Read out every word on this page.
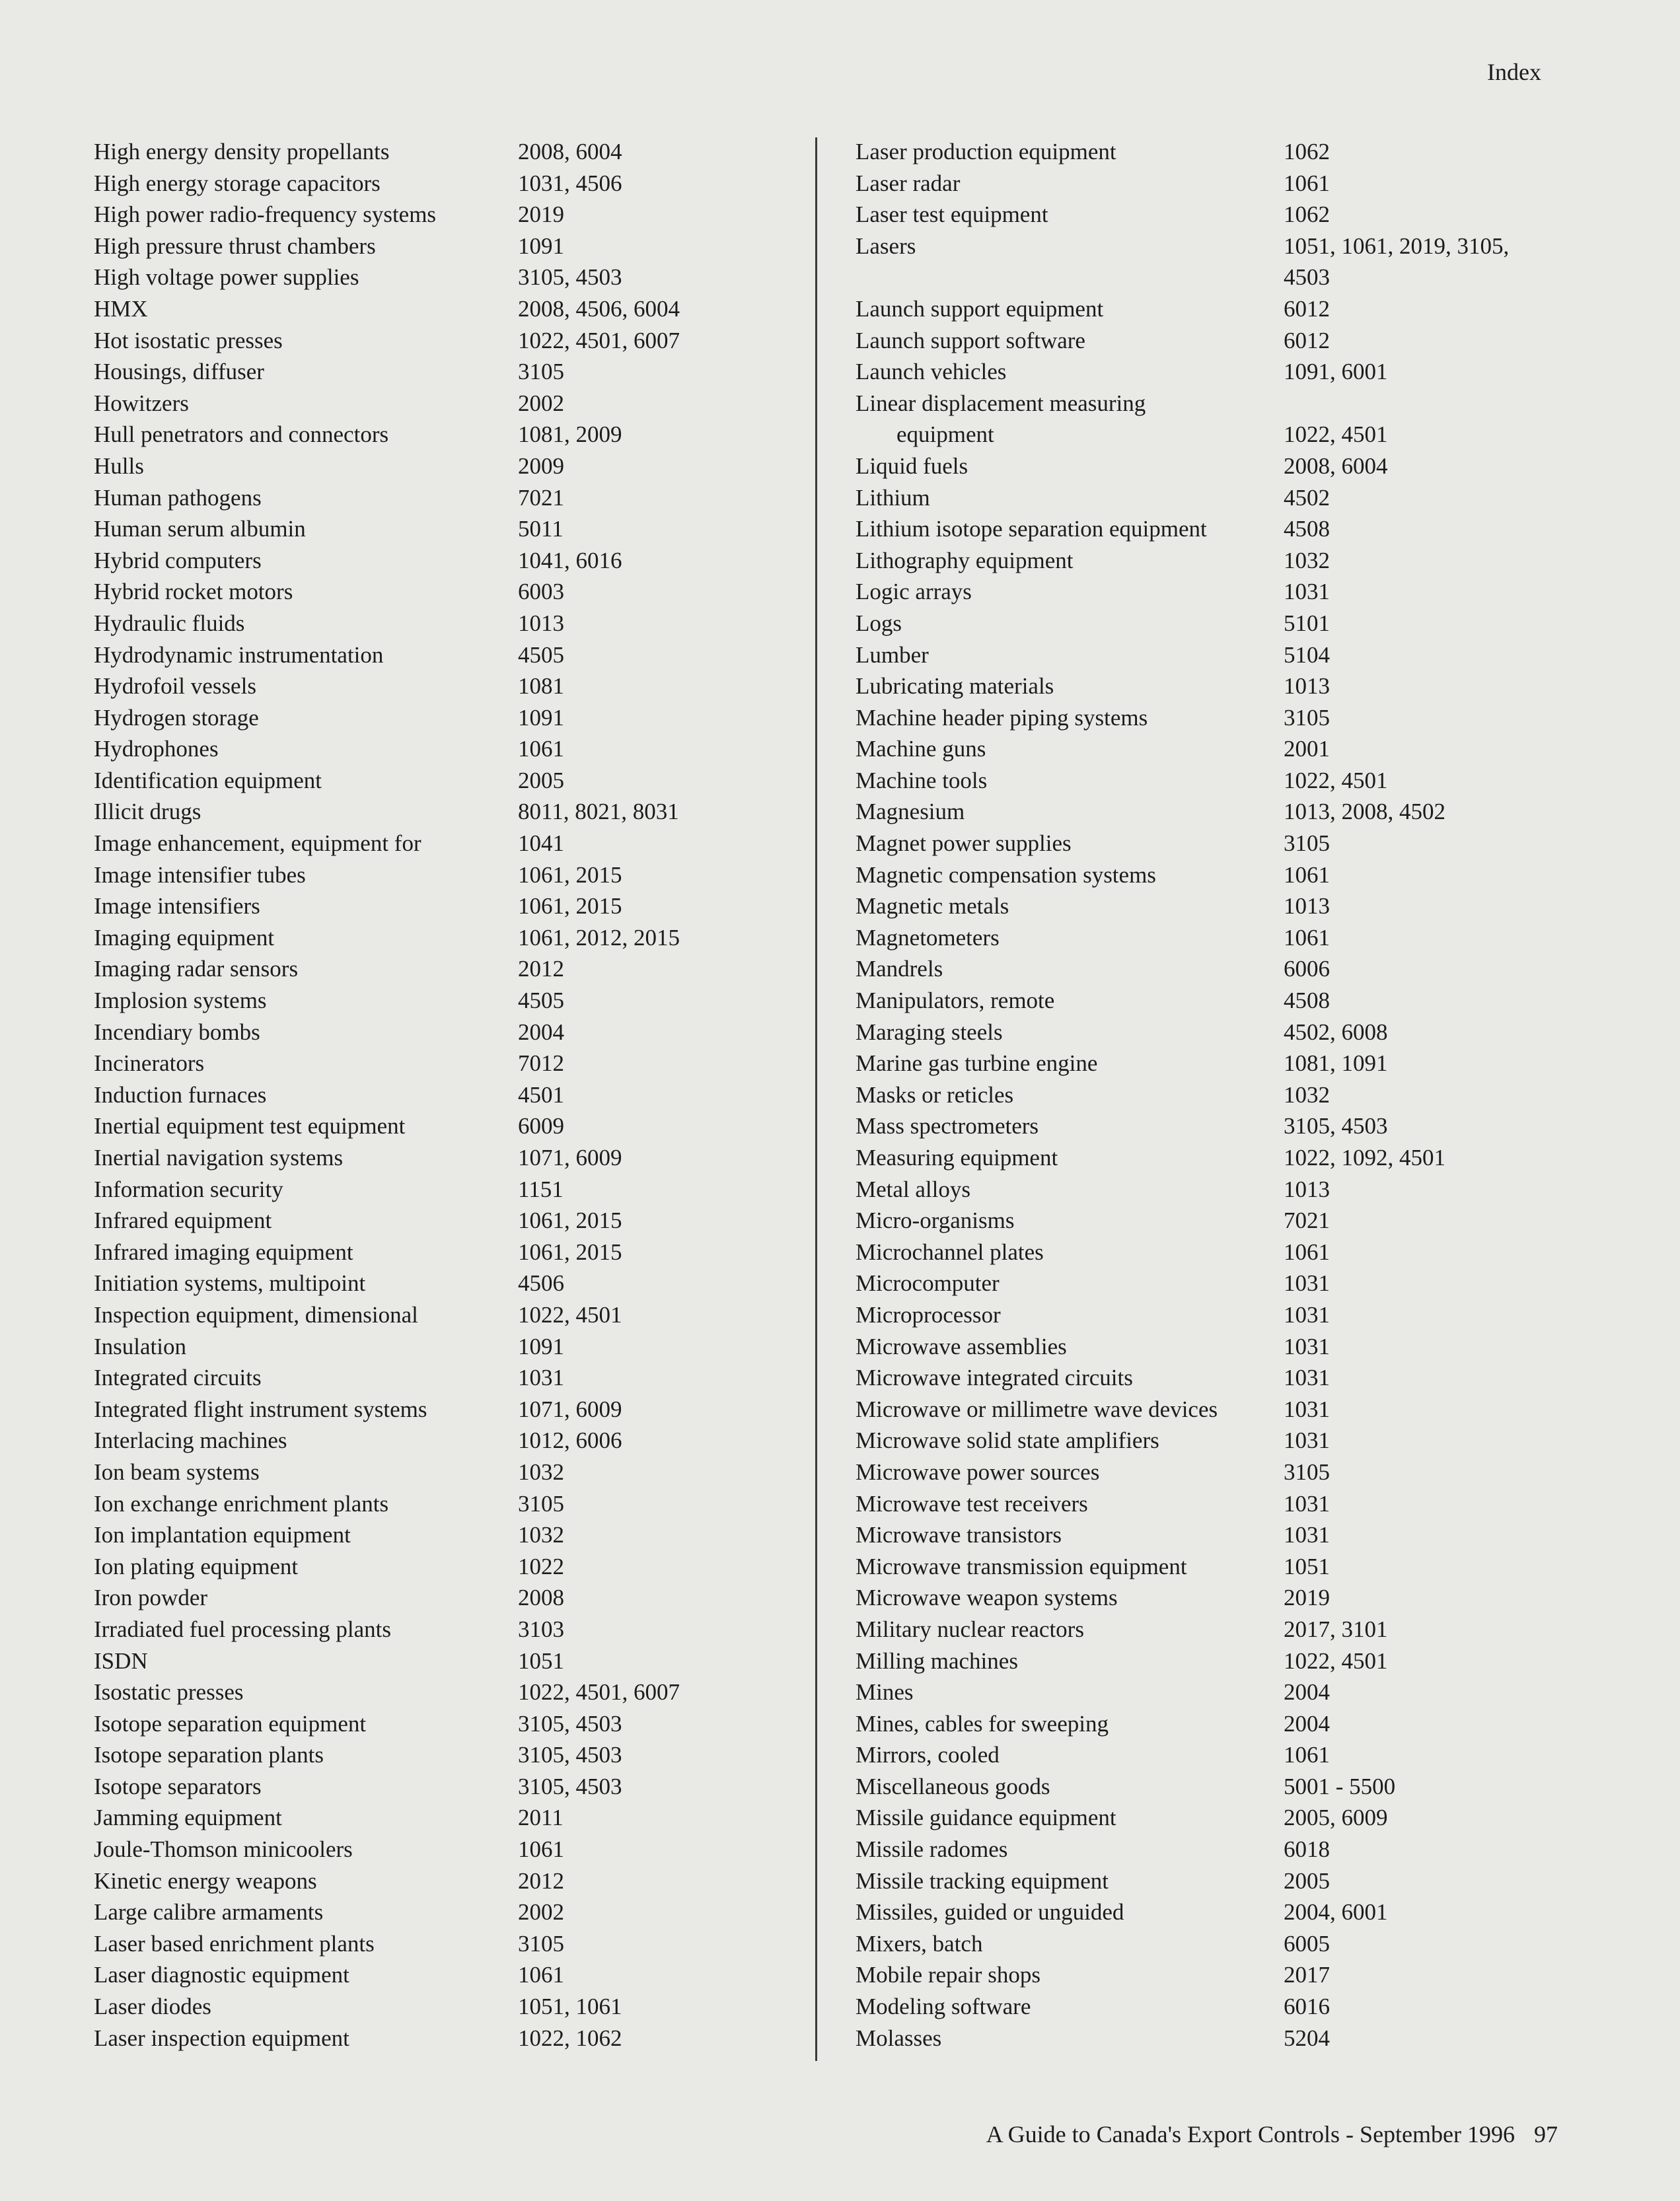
Index
High energy density propellants	2008, 6004
High energy storage capacitors	1031, 4506
High power radio-frequency systems	2019
High pressure thrust chambers	1091
High voltage power supplies	3105, 4503
HMX	2008, 4506, 6004
Hot isostatic presses	1022, 4501, 6007
Housings, diffuser	3105
Howitzers	2002
Hull penetrators and connectors	1081, 2009
Hulls	2009
Human pathogens	7021
Human serum albumin	5011
Hybrid computers	1041, 6016
Hybrid rocket motors	6003
Hydraulic fluids	1013
Hydrodynamic instrumentation	4505
Hydrofoil vessels	1081
Hydrogen storage	1091
Hydrophones	1061
Identification equipment	2005
Illicit drugs	8011, 8021, 8031
Image enhancement, equipment for	1041
Image intensifier tubes	1061, 2015
Image intensifiers	1061, 2015
Imaging equipment	1061, 2012, 2015
Imaging radar sensors	2012
Implosion systems	4505
Incendiary bombs	2004
Incinerators	7012
Induction furnaces	4501
Inertial equipment test equipment	6009
Inertial navigation systems	1071, 6009
Information security	1151
Infrared equipment	1061, 2015
Infrared imaging equipment	1061, 2015
Initiation systems, multipoint	4506
Inspection equipment, dimensional	1022, 4501
Insulation	1091
Integrated circuits	1031
Integrated flight instrument systems	1071, 6009
Interlacing machines	1012, 6006
Ion beam systems	1032
Ion exchange enrichment plants	3105
Ion implantation equipment	1032
Ion plating equipment	1022
Iron powder	2008
Irradiated fuel processing plants	3103
ISDN	1051
Isostatic presses	1022, 4501, 6007
Isotope separation equipment	3105, 4503
Isotope separation plants	3105, 4503
Isotope separators	3105, 4503
Jamming equipment	2011
Joule-Thomson minicoolers	1061
Kinetic energy weapons	2012
Large calibre armaments	2002
Laser based enrichment plants	3105
Laser diagnostic equipment	1061
Laser diodes	1051, 1061
Laser inspection equipment	1022, 1062
Laser production equipment	1062
Laser radar	1061
Laser test equipment	1062
Lasers	1051, 1061, 2019, 3105,
4503
Launch support equipment	6012
Launch support software	6012
Launch vehicles	1091, 6001
Linear displacement measuring
equipment	1022, 4501
Liquid fuels	2008, 6004
Lithium	4502
Lithium isotope separation equipment	4508
Lithography equipment	1032
Logic arrays	1031
Logs	5101
Lumber	5104
Lubricating materials	1013
Machine header piping systems	3105
Machine guns	2001
Machine tools	1022, 4501
Magnesium	1013, 2008, 4502
Magnet power supplies	3105
Magnetic compensation systems	1061
Magnetic metals	1013
Magnetometers	1061
Mandrels	6006
Manipulators, remote	4508
Maraging steels	4502, 6008
Marine gas turbine engine	1081, 1091
Masks or reticles	1032
Mass spectrometers	3105, 4503
Measuring equipment	1022, 1092, 4501
Metal alloys	1013
Micro-organisms	7021
Microchannel plates	1061
Microcomputer	1031
Microprocessor	1031
Microwave assemblies	1031
Microwave integrated circuits	1031
Microwave or millimetre wave devices	1031
Microwave solid state amplifiers	1031
Microwave power sources	3105
Microwave test receivers	1031
Microwave transistors	1031
Microwave transmission equipment	1051
Microwave weapon systems	2019
Military nuclear reactors	2017, 3101
Milling machines	1022, 4501
Mines	2004
Mines, cables for sweeping	2004
Mirrors, cooled	1061
Miscellaneous goods	5001 - 5500
Missile guidance equipment	2005, 6009
Missile radomes	6018
Missile tracking equipment	2005
Missiles, guided or unguided	2004, 6001
Mixers, batch	6005
Mobile repair shops	2017
Modeling software	6016
Molasses	5204
A Guide to Canada's Export Controls - September 1996 97
